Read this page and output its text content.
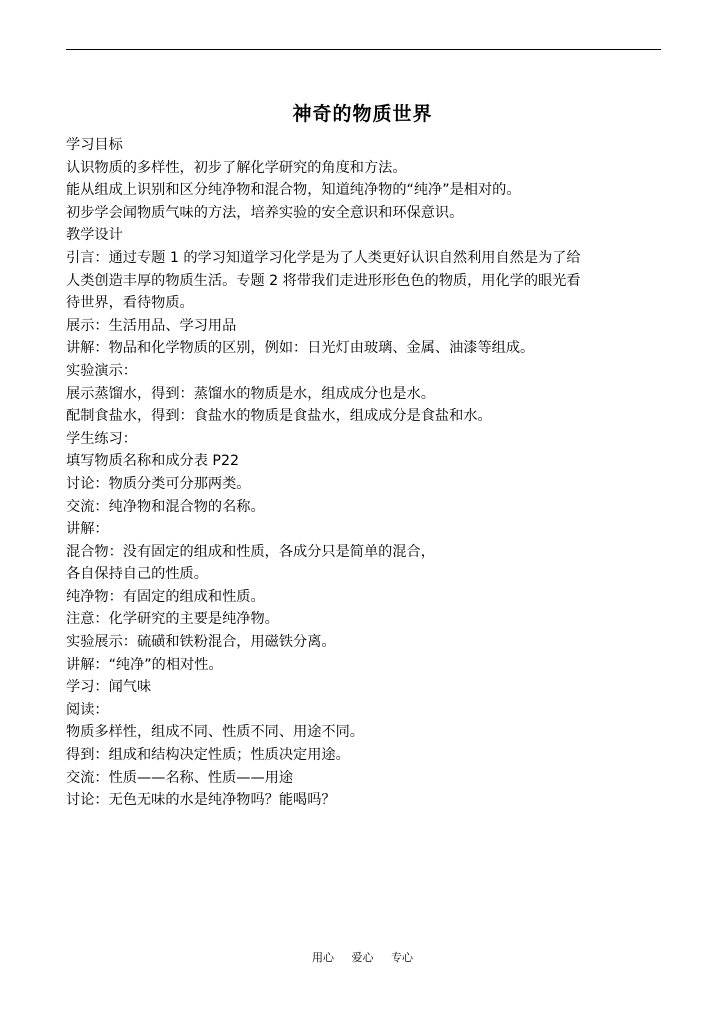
神奇的物质世界
学习目标
认识物质的多样性，初步了解化学研究的角度和方法。
能从组成上识别和区分纯净物和混合物，知道纯净物的“纯净”是相对的。
初步学会闻物质气味的方法，培养实验的安全意识和环保意识。
教学设计
引言：通过专题 1 的学习知道学习化学是为了人类更好认识自然利用自然是为了给
人类创造丰厚的物质生活。专题 2 将带我们走进形形色色的物质，用化学的眼光看
待世界，看待物质。
展示：生活用品、学习用品
讲解：物品和化学物质的区别，例如：日光灯由玻璃、金属、油漆等组成。
实验演示：
展示蒸馏水，得到：蒸馏水的物质是水，组成成分也是水。
配制食盐水，得到：食盐水的物质是食盐水，组成成分是食盐和水。
学生练习：
填写物质名称和成分表 P22
讨论：物质分类可分那两类。
交流：纯净物和混合物的名称。
讲解：
混合物：没有固定的组成和性质，各成分只是简单的混合，
各自保持自己的性质。
纯净物：有固定的组成和性质。
注意：化学研究的主要是纯净物。
实验展示：硫磺和铁粉混合，用磁铁分离。
讲解：“纯净”的相对性。
学习：闻气味
阅读：
物质多样性，组成不同、性质不同、用途不同。
得到：组成和结构决定性质；性质决定用途。
交流：性质——名称、性质——用途
讨论：无色无味的水是纯净物吗？能喝吗？
用心 爱心 专心
